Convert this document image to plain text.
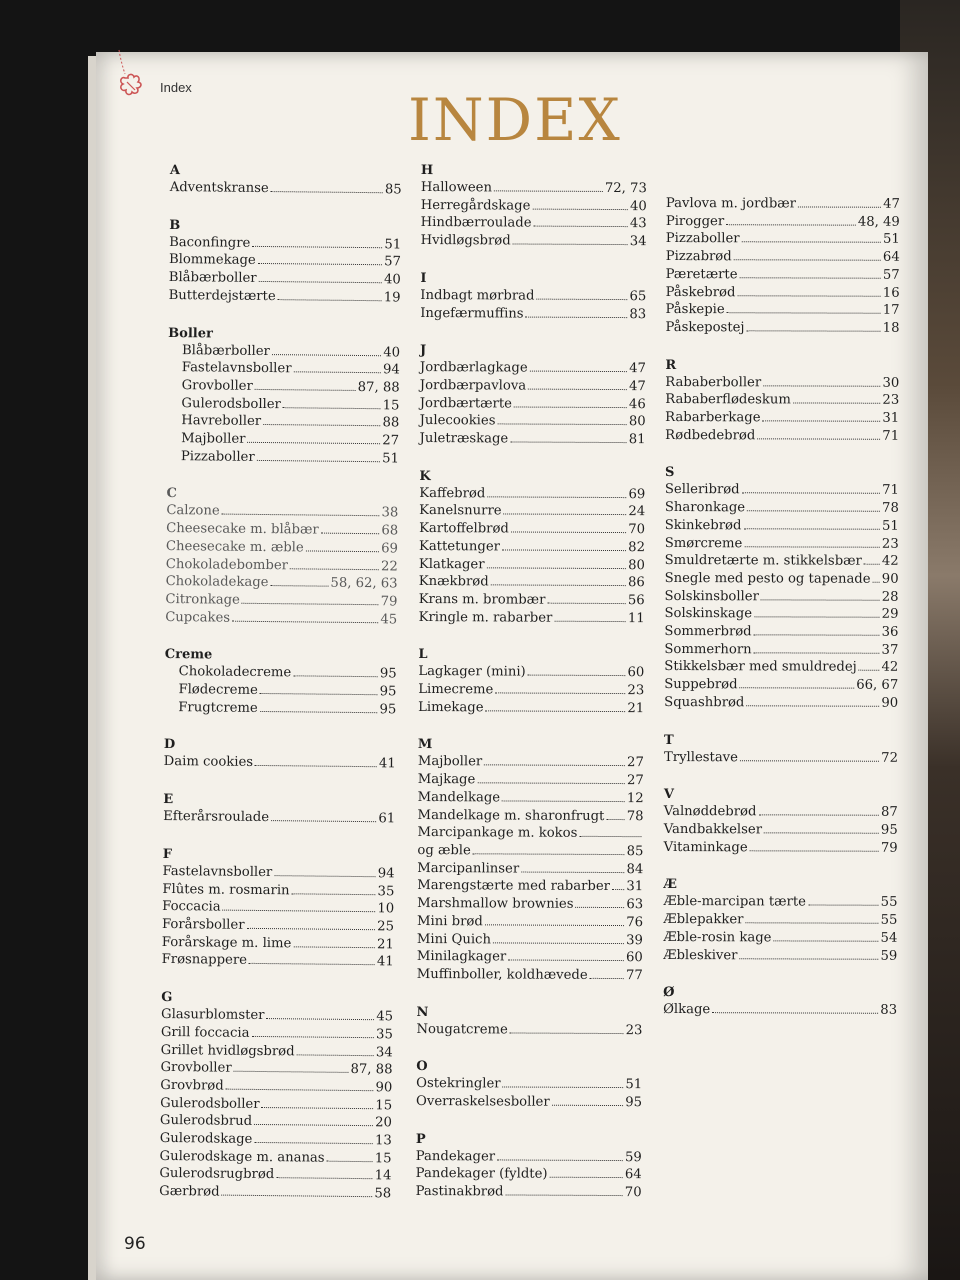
Index	INDEX
A
Adventskranse	85
B
Baconfingre	51
Blommekage	57
Blåbærboller	40
Butterdejstærte	19
Boller
Blåbærboller	40
Fastelavnsboller	94
Grovboller	87, 88
Gulerodsboller	15
Havreboller	88
Majboller	27
Pizzaboller	51
C
Calzone	38
Cheesecake m. blåbær	68
Cheesecake m. æble	69
Chokoladebomber	22
Chokoladekage	58, 62, 63
Citronkage	79
Cupcakes	45
Creme
Chokoladecreme	95
Flødecreme	95
Frugtcreme	95
D
Daim cookies	41
E
Efterårsroulade	61
F
Fastelavnsboller	94
Flûtes m. rosmarin	35
Foccacia	10
Forårsboller	25
Forårskage m. lime	21
Frøsnappere	41
G
Glasurblomster	45
Grill foccacia	35
Grillet hvidløgsbrød	34
Grovboller	87, 88
Grovbrød	90
Gulerodsboller	15
Gulerodsbrud	20
Gulerodskage	13
Gulerodskage m. ananas	15
Gulerodsrugbrød	14
Gærbrød	58
H
Halloween	72, 73
Herregårdskage	40
Hindbærroulade	43
Hvidløgsbrød	34
I
Indbagt mørbrad	65
Ingefærmuffins	83
J
Jordbærlagkage	47
Jordbærpavlova	47
Jordbærtærte	46
Julecookies	80
Juletræskage	81
K
Kaffebrød	69
Kanelsnurre	24
Kartoffelbrød	70
Kattetunger	82
Klatkager	80
Knækbrød	86
Krans m. brombær	56
Kringle m. rabarber	11
L
Lagkager (mini)	60
Limecreme	23
Limekage	21
M
Majboller	27
Majkage	27
Mandelkage	12
Mandelkage m. sharonfrugt 78
Marcipankage m. kokos
og æble	85
Marcipanlinser	84
Marengstærte med rabarber 31
Marshmallow brownies	63
Mini brød	76
Mini Quich	39
Minilagkager	60
Muffinboller, koldhævede	77
N
Nougatcreme	23
O
Ostekringler	51
Overraskelsesboller	95
P
Pandekager	59
Pandekager (fyldte)	64
Pastinakbrød	70
Pavlova m. jordbær	47
Pirogger	48, 49
Pizzaboller	51
Pizzabrød	64
Pæretærte	57
Påskebrød	16
Påskepie	17
Påskepostej	18
R
Rababerboller	30
Rababerflødeskum	23
Rabarberkage	31
Rødbedebrød	71
S
Selleribrød	71
Sharonkage	78
Skinkebrød	51
Smørcreme	23
Smuldretærte m. stikkelsbær 42
Snegle med pesto og tapenade 90
Solskinsboller	28
Solskinskage	29
Sommerbrød	36
Sommerhorn	37
Stikkelsbær med smuldredej 42
Suppebrød	66, 67
Squashbrød	90
T
Tryllestave	72
V
Valnøddebrød	87
Vandbakkelser	95
Vitaminkage	79
Æ
Æble-marcipan tærte	55
Æblepakker	55
Æble-rosin kage	54
Æbleskiver	59
Ø
Ølkage	83
96
